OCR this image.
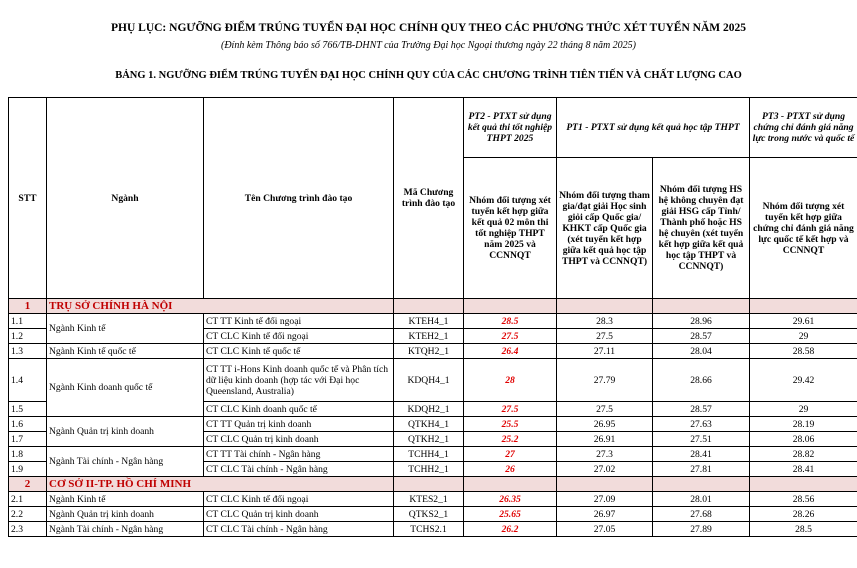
PHỤ LỤC: NGƯỠNG ĐIỂM TRÚNG TUYỂN ĐẠI HỌC CHÍNH QUY THEO CÁC PHƯƠNG THỨC XÉT TUYỂN NĂM 2025
(Đính kèm Thông báo số 766/TB-DHNT của Trường Đại học Ngoại thương ngày 22 tháng 8 năm 2025)
BẢNG 1. NGƯỠNG ĐIỂM TRÚNG TUYỂN ĐẠI HỌC CHÍNH QUY CỦA CÁC CHƯƠNG TRÌNH TIÊN TIẾN VÀ CHẤT LƯỢNG CAO
STT	Ngành	Tên Chương trình đào tạo	Mã Chương trình đào tạo	PT2 - PTXT sử dụng kết quả thi tốt nghiệp THPT 2025	PT1 - PTXT sử dụng kết quả học tập THPT		PT3 - PTXT sử dụng chứng chỉ đánh giá năng lực trong nước và quốc tế
				Nhóm đối tượng xét tuyển kết hợp giữa kết quả 02 môn thi tốt nghiệp THPT năm 2025 và CCNNQT	Nhóm đối tượng tham gia/đạt giải Học sinh giỏi cấp Quốc gia/ KHKT cấp Quốc gia (xét tuyển kết hợp giữa kết quả học tập THPT và CCNNQT)	Nhóm đối tượng HS hệ không chuyên đạt giải HSG cấp Tỉnh/ Thành phố hoặc HS hệ chuyên (xét tuyển kết hợp giữa kết quả học tập THPT và CCNNQT)	Nhóm đối tượng xét tuyển kết hợp giữa chứng chỉ đánh giá năng lực quốc tế kết hợp và CCNNQT
1	TRỤ SỞ CHÍNH HÀ NỘI						
1.1	Ngành Kinh tế	CT TT Kinh tế đối ngoại	KTEH4_1	28.5	28.3	28.96	29.61
1.2		CT CLC Kinh tế đối ngoại	KTEH2_1	27.5	27.5	28.57	29
1.3	Ngành Kinh tế quốc tế	CT CLC Kinh tế quốc tế	KTQH2_1	26.4	27.11	28.04	28.58
1.4	Ngành Kinh doanh quốc tế	CT TT i-Hons Kinh doanh quốc tế và Phân tích dữ liệu kinh doanh (hợp tác với Đại học Queensland, Australia)	KDQH4_1	28	27.79	28.66	29.42
1.5		CT CLC Kinh doanh quốc tế	KDQH2_1	27.5	27.5	28.57	29
1.6	Ngành Quản trị kinh doanh	CT TT Quản trị kinh doanh	QTKH4_1	25.5	26.95	27.63	28.19
1.7		CT CLC Quản trị kinh doanh	QTKH2_1	25.2	26.91	27.51	28.06
1.8	Ngành Tài chính - Ngân hàng	CT TT Tài chính - Ngân hàng	TCHH4_1	27	27.3	28.41	28.82
1.9		CT CLC Tài chính - Ngân hàng	TCHH2_1	26	27.02	27.81	28.41
2	CƠ SỞ II-TP. HỒ CHÍ MINH						
2.1	Ngành Kinh tế	CT CLC Kinh tế đối ngoại	KTES2_1	26.35	27.09	28.01	28.56
2.2	Ngành Quản trị kinh doanh	CT CLC Quản trị kinh doanh	QTKS2_1	25.65	26.97	27.68	28.26
2.3	Ngành Tài chính - Ngân hàng	CT CLC Tài chính - Ngân hàng	TCHS2.1	26.2	27.05	27.89	28.5
